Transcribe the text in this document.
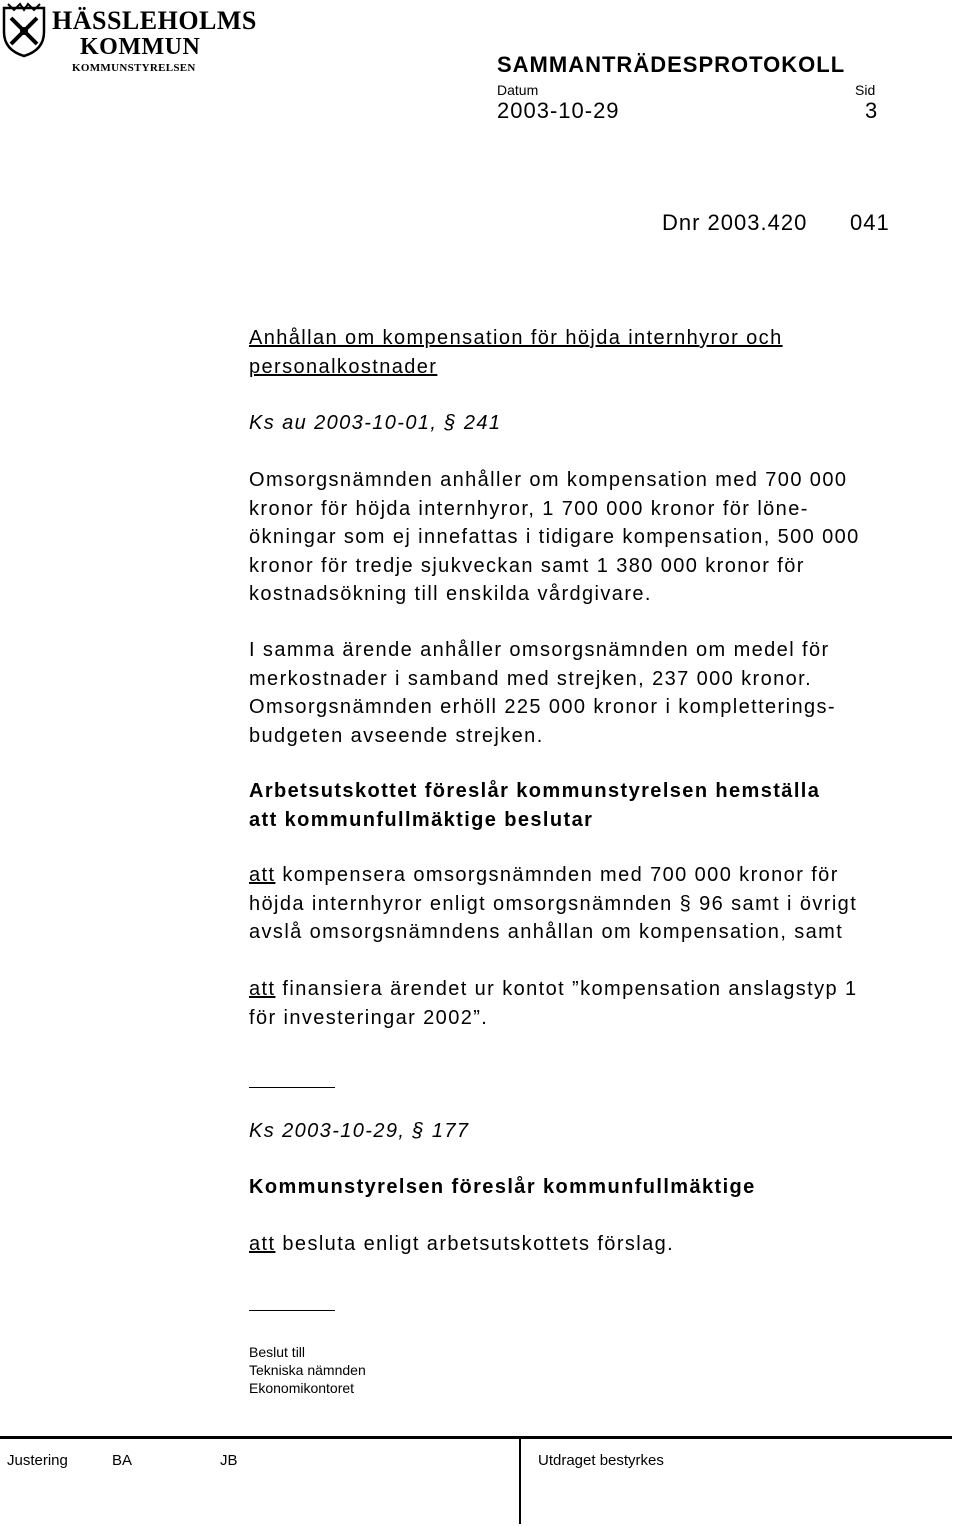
HÄSSLEHOLMS
KOMMUN
KOMMUNSTYRELSEN	SAMMANTRÄDESPROTOKOLL
Datum	Sid
2003-10-29	3
Dnr 2003.420      041
Anhållan om kompensation för höjda internhyror och
personalkostnader
Ks au 2003-10-01, § 241
Omsorgsnämnden anhåller om kompensation med 700 000
kronor för höjda internhyror, 1 700 000 kronor för löne-
ökningar som ej innefattas i tidigare kompensation, 500 000
kronor för tredje sjukveckan samt 1 380 000 kronor för
kostnadsökning till enskilda vårdgivare.
I samma ärende anhåller omsorgsnämnden om medel för
merkostnader i samband med strejken, 237 000 kronor.
Omsorgsnämnden erhöll 225 000 kronor i kompletterings-
budgeten avseende strejken.
Arbetsutskottet föreslår kommunstyrelsen hemställa
att kommunfullmäktige beslutar
att kompensera omsorgsnämnden med 700 000 kronor för
höjda internhyror enligt omsorgsnämnden § 96 samt i övrigt
avslå omsorgsnämndens anhållan om kompensation, samt
att finansiera ärendet ur kontot ”kompensation anslagstyp 1
för investeringar 2002”.
Ks 2003-10-29, § 177
Kommunstyrelsen föreslår kommunfullmäktige
att besluta enligt arbetsutskottets förslag.
Beslut till
Tekniska nämnden
Ekonomikontoret
Justering	BA	JB	Utdraget bestyrkes
